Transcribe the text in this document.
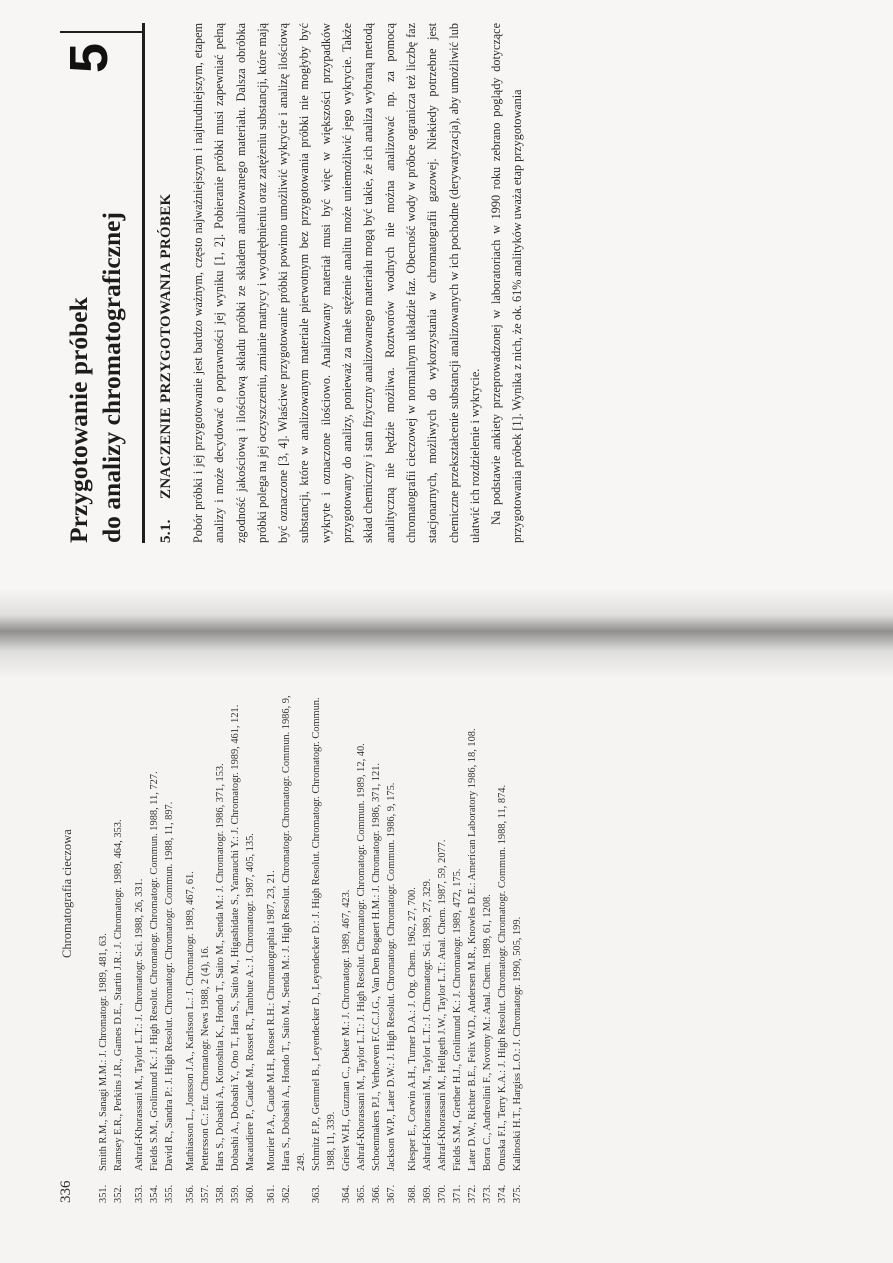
336
Chromatografia cieczowa
351.
Smith R.M., Sanagi M.M.: J. Chromatogr. 1989, 481, 63.
352.
Ramsey E.R., Perkins J.R., Games D.E., Startin J.R.: J. Chromatogr. 1989, 464, 353.
353.
Ashraf-Khorassani M., Taylor L.T.: J. Chromatogr. Sci. 1988, 26, 331.
354.
Fields S.M., Grolimund K.: J. High Resolut. Chromatogr. Chromatogr. Commun. 1988, 11, 727.
355.
David R., Sandra P.: J. High Resolut. Chromatogr. Chromatogr. Commun. 1988, 11, 897.
356.
Mathiasson L., Jonsson J.A., Karlsson L.: J. Chromatogr. 1989, 467, 61.
357.
Pettersson C.: Eur. Chromatogr. News 1988, 2 (4), 16.
358.
Hars S., Dobashi A., Konoshita K., Hondo T., Saito M., Senda M.: J. Chromatogr. 1986, 371, 153.
359.
Dobashi A., Dobashi Y., Ono T., Hara S., Saito M., Higashidate S., Yamauchi Y.: J. Chromatogr. 1989, 461, 121.
360.
Macaudiere P., Caude M., Rosset R., Tambute A.: J. Chromatogr. 1987, 405, 135.
361.
Mourier P.A., Caude M.H., Rosset R.H.: Chromatographia 1987, 23, 21.
362.
Hara S., Dobashi A., Hondo T., Saito M., Senda M.: J. High Resolut. Chromatogr. Chromatogr. Commun. 1986, 9, 249.
363.
Schmitz F.P., Gemmel B., Leyendecker D., Leyendecker D.: J. High Resolut. Chromatogr. Chromatogr. Commun. 1988, 11, 339.
364.
Griest W.H., Guzman C., Deker M.: J. Chromatogr. 1989, 467, 423.
365.
Ashraf-Khorassani M., Taylor L.T.: J. High Resolut. Chromatogr. Chromatogr. Commun. 1989, 12, 40.
366.
Schoenmakers P.J., Verhoeven F.C.C.J.G., Van Den Bogaert H.M.: J. Chromatogr. 1986, 371, 121.
367.
Jackson W.P., Later D.W.: J. High Resolut. Chromatogr. Chromatogr. Commun. 1986, 9, 175.
368.
Klesper E., Corwin A.H., Turner D.A.: J. Org. Chem. 1962, 27, 700.
369.
Ashraf-Khorassani M., Taylor L.T.: J. Chromatogr. Sci. 1989, 27, 329.
370.
Ashraf-Khorassani M., Hellgeth J.W., Taylor L.T.: Anal. Chem. 1987, 59, 2077.
371.
Fields S.M., Grether H.J., Grolimund K.: J. Chromatogr. 1989, 472, 175.
372.
Later D.W., Richter B.E., Felix W.D., Andersen M.R., Knowles D.E.: American Laboratory 1986, 18, 108.
373.
Borra C., Andreolini F., Novotny M.: Anal. Chem. 1989, 61, 1208.
374.
Onuska F.I., Terry K.A.: J. High Resolut. Chromatogr. Chromatogr. Commun. 1988, 11, 874.
375.
Kalinoski H.T., Hargiss L.O.: J. Chromatogr. 1990, 505, 199.
Przygotowanie próbek do analizy chromatograficznej
5
5.1. ZNACZENIE PRZYGOTOWANIA PRÓBEK Pobór próbki i jej przygotowanie jest bardzo ważnym, często najważniejszym i najtrudniejszym, etapem analizy i może decydować o poprawności jej wyniku [1, 2]. Pobieranie próbki musi zapewniać pełną zgodność jakościową i ilościową składu próbki ze składem analizowanego materiału. Dalsza obróbka próbki polega na jej oczyszczeniu, zmianie matrycy i wyodrębnieniu oraz zatężeniu substancji, które mają być oznaczone [3, 4]. Właściwe przygotowanie próbki powinno umożliwić wykrycie i analizę ilościową substancji, które w analizowanym materiale pierwotnym bez przygotowania próbki nie mogłyby być wykryte i oznaczone ilościowo. Analizowany materiał musi być więc w większości przypadków przygotowany do analizy, ponieważ za małe stężenie analitu może uniemożliwić jego wykrycie. Także skład chemiczny i stan fizyczny analizowanego materiału mogą być takie, że ich analiza wybraną metodą analityczną nie będzie możliwa. Roztworów wodnych nie można analizować np. za pomocą chromatografii cieczowej w normalnym układzie faz. Obecność wody w próbce ogranicza też liczbę faz stacjonarnych, możliwych do wykorzystania w chromatografii gazowej. Niekiedy potrzebne jest chemiczne przekształcenie substancji analizowanych w ich pochodne (derywatyzacja), aby umożliwić lub ułatwić ich rozdzielenie i wykrycie. Na podstawie ankiety przeprowadzonej w laboratoriach w 1990 roku zebrano poglądy dotyczące przygotowania próbek [1]. Wynika z nich, że ok. 61% analityków uważa etap przygotowania
